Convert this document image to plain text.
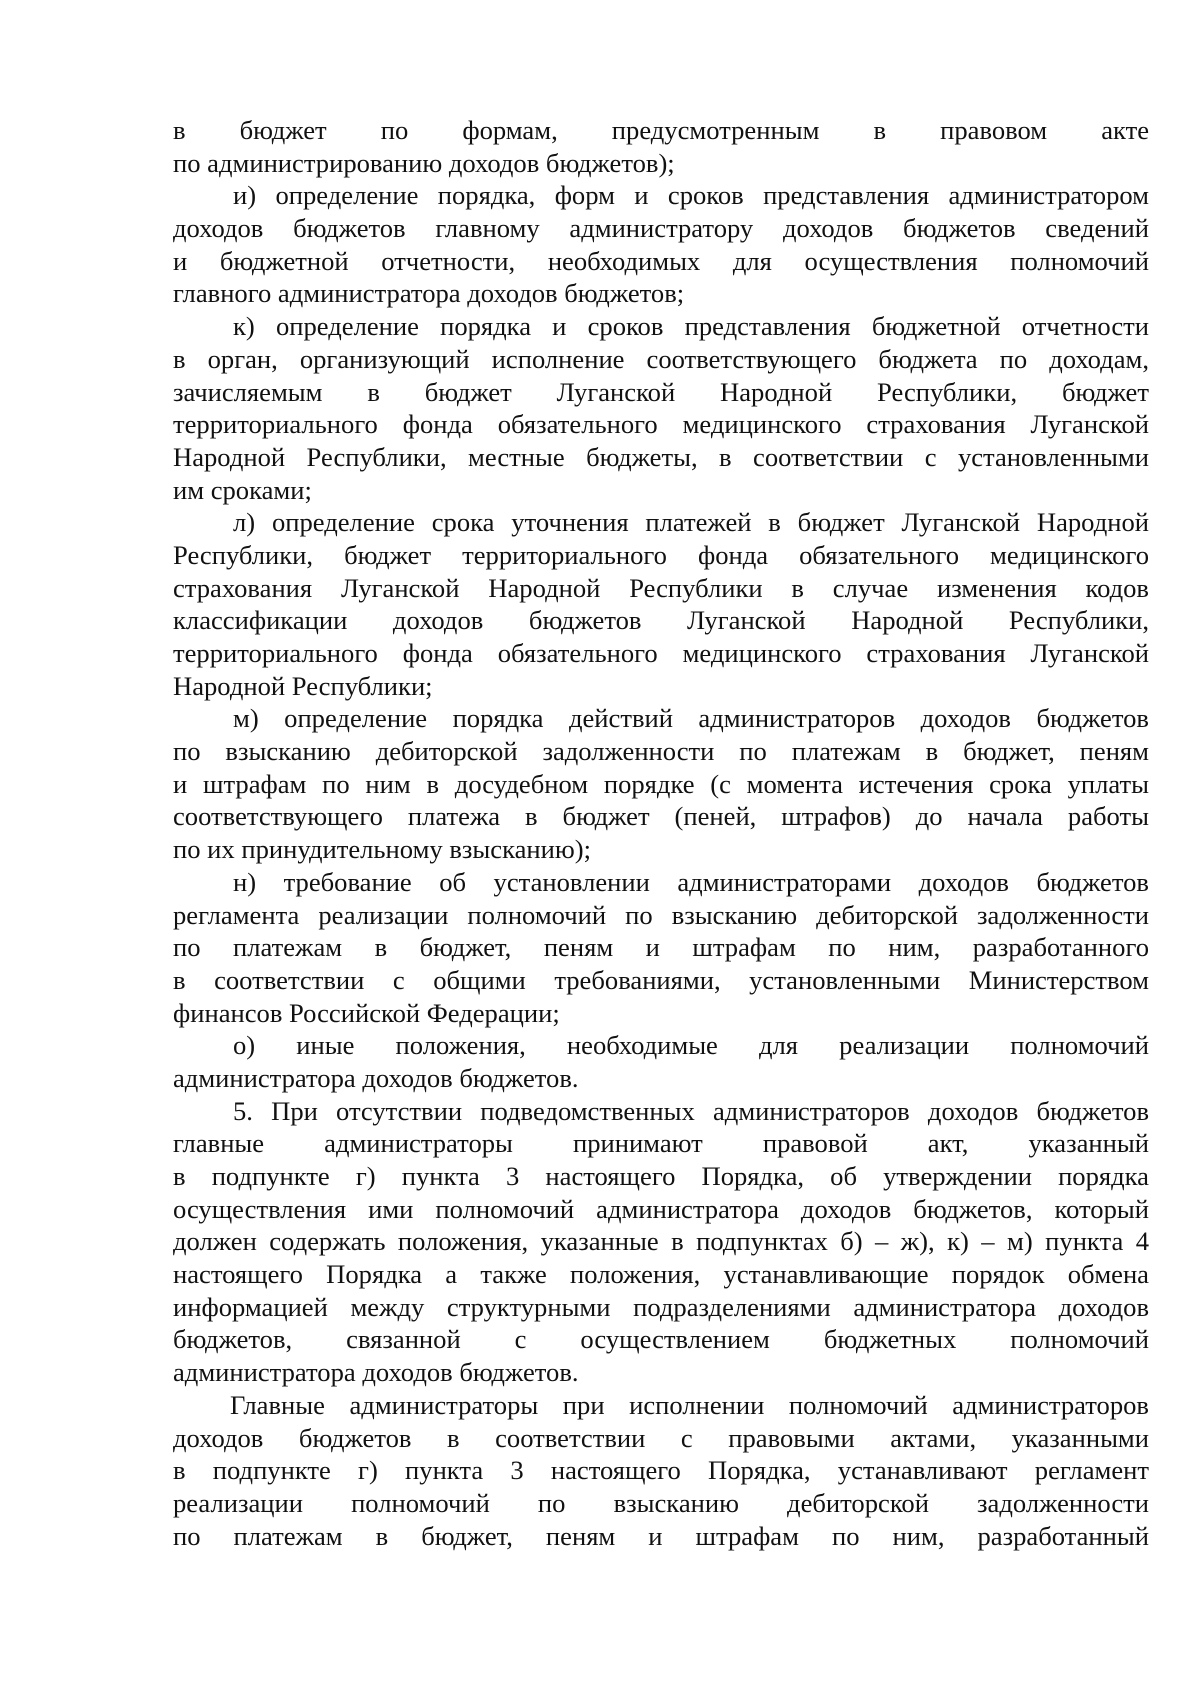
в бюджет по формам, предусмотренным в правовом акте
по администрированию доходов бюджетов);
и) определение порядка, форм и сроков представления администратором
доходов бюджетов главному администратору доходов бюджетов сведений
и бюджетной отчетности, необходимых для осуществления полномочий
главного администратора доходов бюджетов;
к) определение порядка и сроков представления бюджетной отчетности
в орган, организующий исполнение соответствующего бюджета по доходам,
зачисляемым в бюджет Луганской Народной Республики, бюджет
территориального фонда обязательного медицинского страхования Луганской
Народной Республики, местные бюджеты, в соответствии с установленными
им сроками;
л) определение срока уточнения платежей в бюджет Луганской Народной
Республики, бюджет территориального фонда обязательного медицинского
страхования Луганской Народной Республики в случае изменения кодов
классификации доходов бюджетов Луганской Народной Республики,
территориального фонда обязательного медицинского страхования Луганской
Народной Республики;
м) определение порядка действий администраторов доходов бюджетов
по взысканию дебиторской задолженности по платежам в бюджет, пеням
и штрафам по ним в досудебном порядке (с момента истечения срока уплаты
соответствующего платежа в бюджет (пеней, штрафов) до начала работы
по их принудительному взысканию);
н) требование об установлении администраторами доходов бюджетов
регламента реализации полномочий по взысканию дебиторской задолженности
по платежам в бюджет, пеням и штрафам по ним, разработанного
в соответствии с общими требованиями, установленными Министерством
финансов Российской Федерации;
о) иные положения, необходимые для реализации полномочий
администратора доходов бюджетов.
5. При отсутствии подведомственных администраторов доходов бюджетов
главные администраторы принимают правовой акт, указанный
в подпункте г) пункта 3 настоящего Порядка, об утверждении порядка
осуществления ими полномочий администратора доходов бюджетов, который
должен содержать положения, указанные в подпунктах б) – ж), к) – м) пункта 4
настоящего Порядка а также положения, устанавливающие порядок обмена
информацией между структурными подразделениями администратора доходов
бюджетов, связанной с осуществлением бюджетных полномочий
администратора доходов бюджетов.
Главные администраторы при исполнении полномочий администраторов
доходов бюджетов в соответствии с правовыми актами, указанными
в подпункте г) пункта 3 настоящего Порядка, устанавливают регламент
реализации полномочий по взысканию дебиторской задолженности
по платежам в бюджет, пеням и штрафам по ним, разработанный
